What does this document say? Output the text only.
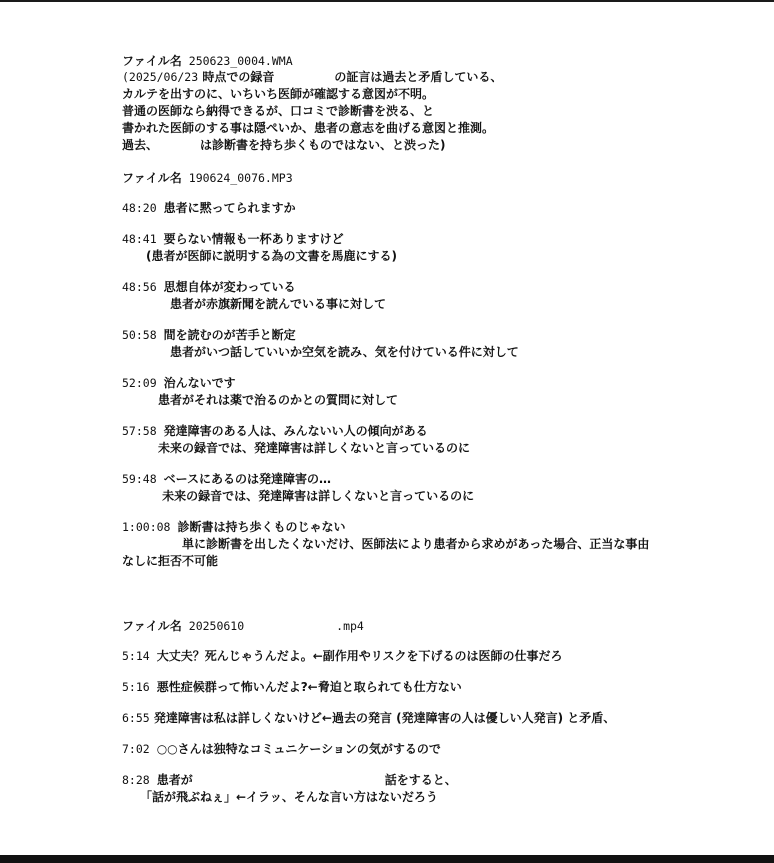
ファイル名 250623_0004.WMA
(2025/06/23 時点での録音　　　　　の証言は過去と矛盾している、
カルテを出すのに、いちいち医師が確認する意図が不明。
普通の医師なら納得できるが、口コミで診断書を渋る、と
書かれた医師のする事は隠ぺいか、患者の意志を曲げる意図と推測。
過去、　　　　は診断書を持ち歩くものではない、と渋った)
ファイル名 190624_0076.MP3
48:20 患者に黙ってられますか
48:41 要らない情報も一杯ありますけど
　　(患者が医師に説明する為の文書を馬鹿にする)
48:56 思想自体が変わっている
　　　　患者が赤旗新聞を読んでいる事に対して
50:58 間を読むのが苦手と断定
　　　　患者がいつ話していいか空気を読み、気を付けている件に対して
52:09 治んないです
　　　患者がそれは薬で治るのかとの質問に対して
57:58 発達障害のある人は、みんないい人の傾向がある
　　　未来の録音では、発達障害は詳しくないと言っているのに
59:48 ベースにあるのは発達障害の…
　　　 未来の録音では、発達障害は詳しくないと言っているのに
1:00:08 診断書は持ち歩くものじゃない
　　　　　単に診断書を出したくないだけ、医師法により患者から求めがあった場合、正当な事由なしに拒否不可能
ファイル名 20250610　　　　　　　　.mp4
5:14 大丈夫？死んじゃうんだよ。←副作用やリスクを下げるのは医師の仕事だろ
5:16 悪性症候群って怖いんだよ?←脅迫と取られても仕方ない
6:55 発達障害は私は詳しくないけど←過去の発言 (発達障害の人は優しい人発言) と矛盾、
7:02 ○○さんは独特なコミュニケーションの気がするので
8:28 患者が　　　　　　　　　　　　　　　　話をすると、
　　「話が飛ぶねぇ」←イラッ、そんな言い方はないだろう
